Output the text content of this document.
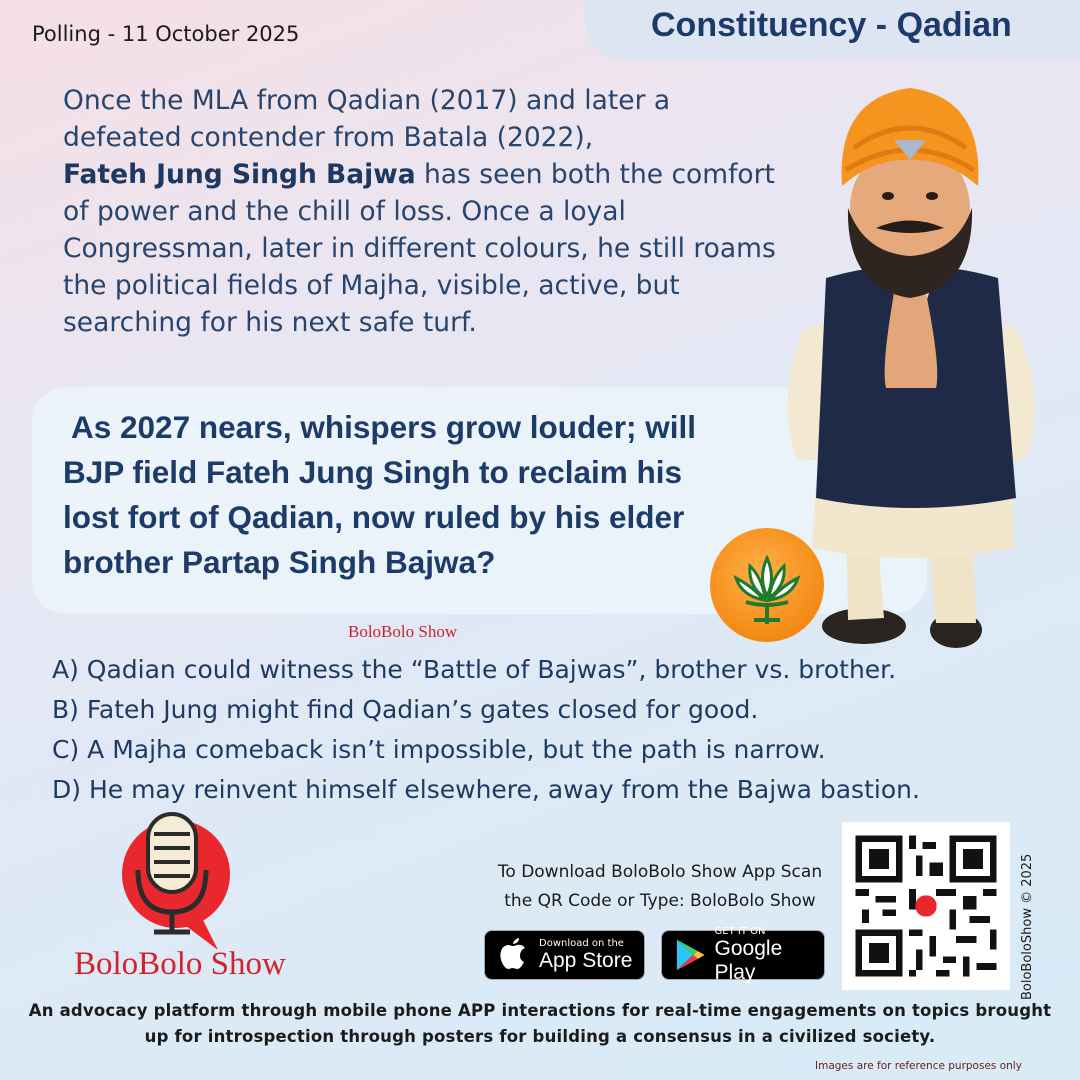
Polling - 11 October 2025	Constituency - Qadian
Once the MLA from Qadian (2017) and later a defeated contender from Batala (2022),
Fateh Jung Singh Bajwa has seen both the comfort of power and the chill of loss. Once a loyal Congressman, later in different colours, he still roams the political fields of Majha, visible, active, but searching for his next safe turf.
As 2027 nears, whispers grow louder; will BJP field Fateh Jung Singh to reclaim his lost fort of Qadian, now ruled by his elder brother Partap Singh Bajwa?
BoloBolo Show
A) Qadian could witness the “Battle of Bajwas”, brother vs. brother.
B) Fateh Jung might find Qadian’s gates closed for good.
C) A Majha comeback isn’t impossible, but the path is narrow.
D) He may reinvent himself elsewhere, away from the Bajwa bastion.
BoloBolo Show
To Download BoloBolo Show App Scan the QR Code or Type: BoloBolo Show
Download on the
App Store
GET IT ON
Google Play	BoloBoloShow © 2025
An advocacy platform through mobile phone APP interactions for real-time engagements on topics brought up for introspection through posters for building a consensus in a civilized society.
Images are for reference purposes only
